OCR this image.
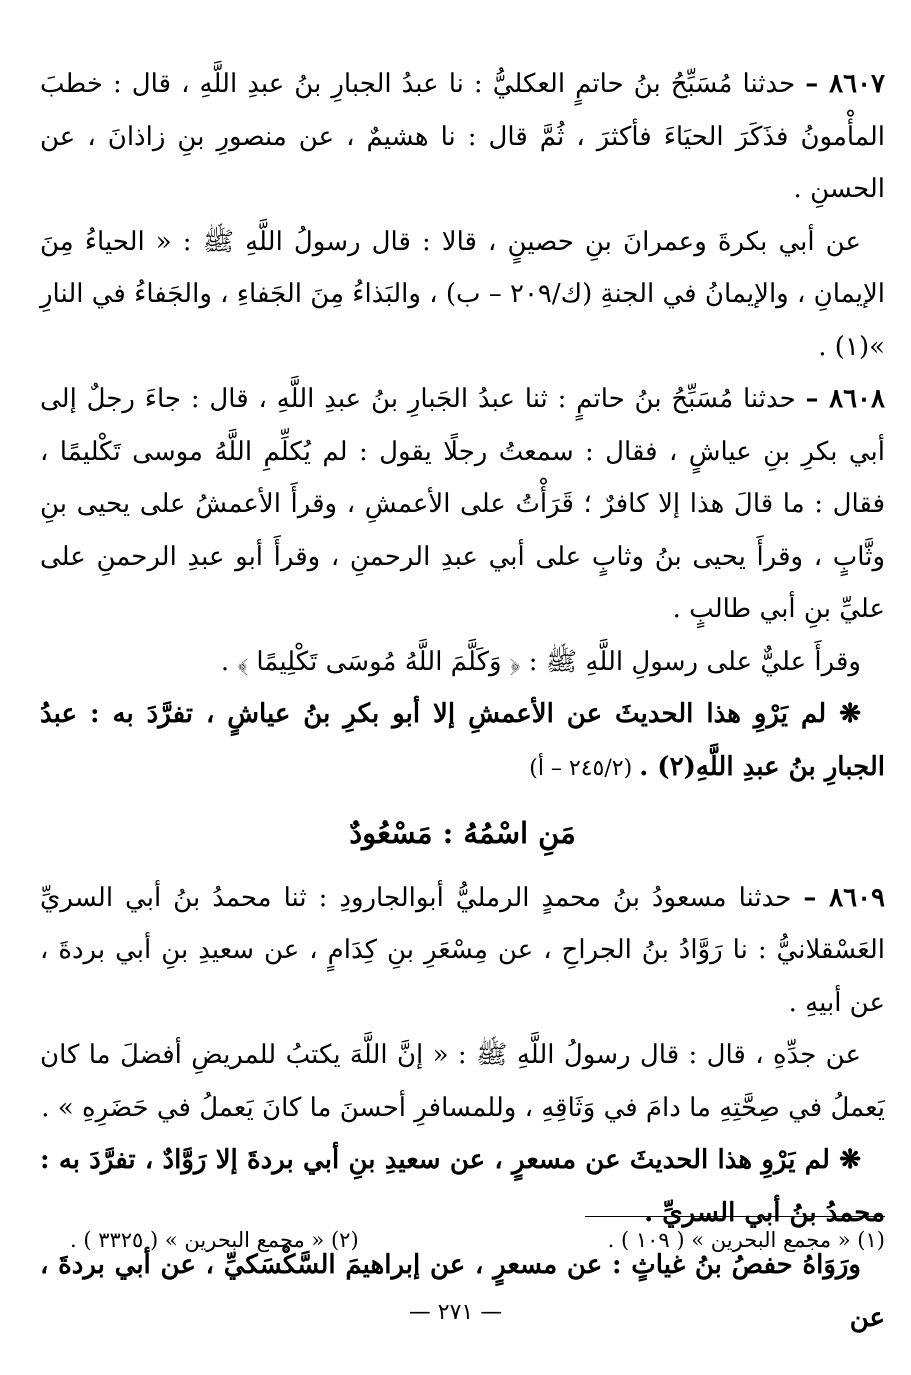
٨٦٠٧ – حدثنا مُسَبِّحُ بنُ حاتمٍ العكليُّ : نا عبدُ الجبارِ بنُ عبدِ اللَّهِ ، قال : خطبَ المأْمونُ فذَكَرَ الحيَاءَ فأكثرَ ، ثُمَّ قال : نا هشيمٌ ، عن منصورِ بنِ زاذانَ ، عن الحسنِ .

عن أبي بكرةَ وعمرانَ بنِ حصينٍ ، قالا : قال رسولُ اللَّهِ ﷺ : « الحياءُ مِنَ الإيمانِ ، والإيمانُ في الجنةِ (ك/٢٠٩ – ب) ، والبَذاءُ مِنَ الجَفاءِ ، والجَفاءُ في النارِ »(١) .

٨٦٠٨ – حدثنا مُسَبِّحُ بنُ حاتمٍ : ثنا عبدُ الجَبارِ بنُ عبدِ اللَّهِ ، قال : جاءَ رجلٌ إلى أبي بكرِ بنِ عياشٍ ، فقال : سمعتُ رجلًا يقول : لم يُكلِّمِ اللَّهُ موسى تَكْليمًا ، فقال : ما قالَ هذا إلا كافرٌ ؛ قَرَأْتُ على الأعمشِ ، وقرأَ الأعمشُ على يحيى بنِ وثَّابٍ ، وقرأَ يحيى بنُ وثابٍ على أبي عبدِ الرحمنِ ، وقرأَ أبو عبدِ الرحمنِ على عليِّ بنِ أبي طالبٍ .

وقرأَ عليٌّ على رسولِ اللَّهِ ﷺ : ﴿ وَكَلَّمَ اللَّهُ مُوسَى تَكْلِيمًا ﴾ .

❋ لم يَرْوِ هذا الحديثَ عن الأعمشِ إلا أبو بكرِ بنُ عياشٍ ، تفرَّدَ به : عبدُ الجبارِ بنُ عبدِ اللَّهِ(٢) . (٢٤٥/٢ – أ)

مَنِ اسْمُهُ : مَسْعُودٌ

٨٦٠٩ – حدثنا مسعودُ بنُ محمدٍ الرمليُّ أبوالجارودِ : ثنا محمدُ بنُ أبي السريِّ العَسْقلانيُّ : نا رَوَّادُ بنُ الجراحِ ، عن مِسْعَرِ بنِ كِدَامٍ ، عن سعيدِ بنِ أبي بردةَ ، عن أبيهِ .

عن جدِّهِ ، قال : قال رسولُ اللَّهِ ﷺ : « إنَّ اللَّهَ يكتبُ للمريضِ أفضلَ ما كان يَعملُ في صِحَّتِهِ ما دامَ في وَثَاقِهِ ، وللمسافرِ أحسنَ ما كانَ يَعملُ في حَضَرِهِ » .

❋ لم يَرْوِ هذا الحديثَ عن مسعرٍ ، عن سعيدِ بنِ أبي بردةَ إلا رَوَّادٌ ، تفرَّدَ به : محمدُ بنُ أبي السريِّ .

ورَوَاهُ حفصُ بنُ غياثٍ : عن مسعرٍ ، عن إبراهيمَ السَّكْسَكيِّ ، عن أبي بردةَ ، عن

(١) « مجمع البحرين » ( ١٠٩ ) .
(٢) « مجمع البحرين » ( ٣٣٢٥ ) .
— ٢٧١ —
